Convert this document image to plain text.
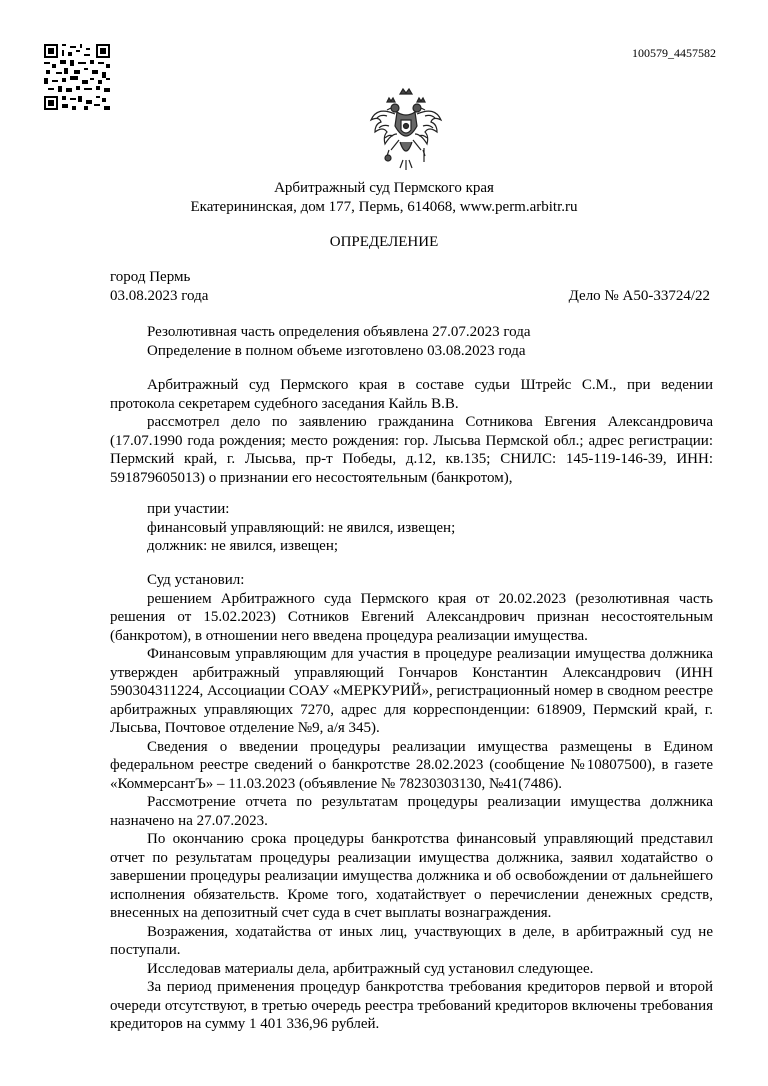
100579_4457582
Арбитражный суд Пермского края
Екатерининская, дом 177, Пермь, 614068, www.perm.arbitr.ru
ОПРЕДЕЛЕНИЕ
город Пермь
03.08.2023 года	Дело № А50-33724/22
Резолютивная часть определения объявлена 27.07.2023 года
Определение в полном объеме изготовлено 03.08.2023 года

Арбитражный суд Пермского края в составе судьи Штрейс С.М., при ведении протокола секретарем судебного заседания Кайль В.В.

рассмотрел дело по заявлению гражданина Сотникова Евгения Александровича (17.07.1990 года рождения; место рождения: гор. Лысьва Пермской обл.; адрес регистрации: Пермский край, г. Лысьва, пр-т Победы, д.12, кв.135; СНИЛС: 145-119-146-39, ИНН: 591879605013) о признании его несостоятельным (банкротом),

при участии:

финансовый управляющий: не явился, извещен;

должник: не явился, извещен;

Суд установил:

решением Арбитражного суда Пермского края от 20.02.2023 (резолютивная часть решения от 15.02.2023) Сотников Евгений Александрович признан несостоятельным (банкротом), в отношении него введена процедура реализации имущества.

Финансовым управляющим для участия в процедуре реализации имущества должника утвержден арбитражный управляющий Гончаров Константин Александрович (ИНН 590304311224, Ассоциации СОАУ «МЕРКУРИЙ», регистрационный номер в сводном реестре арбитражных управляющих 7270, адрес для корреспонденции: 618909, Пермский край, г. Лысьва, Почтовое отделение №9, а/я 345).

Сведения о введении процедуры реализации имущества размещены в Едином федеральном реестре сведений о банкротстве 28.02.2023 (сообщение №10807500), в газете «КоммерсантЪ» – 11.03.2023 (объявление № 78230303130, №41(7486).

Рассмотрение отчета по результатам процедуры реализации имущества должника назначено на 27.07.2023.

По окончанию срока процедуры банкротства финансовый управляющий представил отчет по результатам процедуры реализации имущества должника, заявил ходатайство о завершении процедуры реализации имущества должника и об освобождении от дальнейшего исполнения обязательств. Кроме того, ходатайствует о перечислении денежных средств, внесенных на депозитный счет суда в счет выплаты вознаграждения.

Возражения, ходатайства от иных лиц, участвующих в деле, в арбитражный суд не поступали.

Исследовав материалы дела, арбитражный суд установил следующее.

За период применения процедур банкротства требования кредиторов первой и второй очереди отсутствуют, в третью очередь реестра требований кредиторов включены требования кредиторов на сумму 1 401 336,96 рублей.
